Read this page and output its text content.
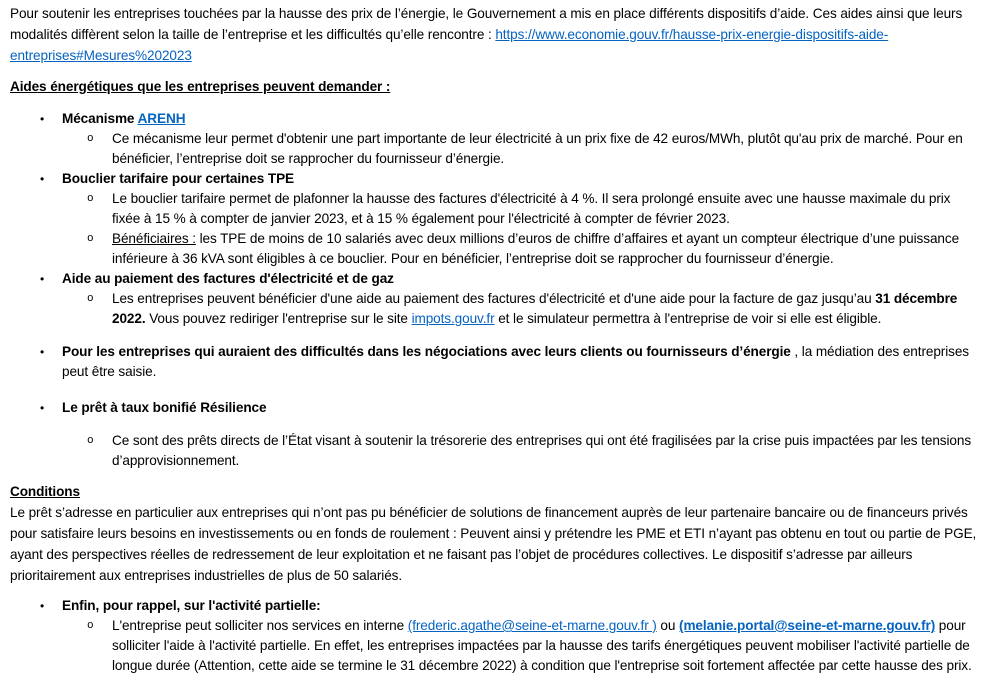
Pour soutenir les entreprises touchées par la hausse des prix de l’énergie, le Gouvernement a mis en place différents dispositifs d’aide. Ces aides ainsi que leurs modalités diffèrent selon la taille de l’entreprise et les difficultés qu’elle rencontre : https://www.economie.gouv.fr/hausse-prix-energie-dispositifs-aide-entreprises#Mesures%202023

Aides énergétiques que les entreprises peuvent demander :

•	Mécanisme ARENH
o	Ce mécanisme leur permet d'obtenir une part importante de leur électricité à un prix fixe de 42 euros/MWh, plutôt qu'au prix de marché. Pour en bénéficier, l’entreprise doit se rapprocher du fournisseur d’énergie.
•	Bouclier tarifaire pour certaines TPE
o	Le bouclier tarifaire permet de plafonner la hausse des factures d'électricité à 4 %. Il sera prolongé ensuite avec une hausse maximale du prix fixée à 15 % à compter de janvier 2023, et à 15 % également pour l'électricité à compter de février 2023.
o	Bénéficiaires : les TPE de moins de 10 salariés avec deux millions d’euros de chiffre d’affaires et ayant un compteur électrique d’une puissance inférieure à 36 kVA sont éligibles à ce bouclier. Pour en bénéficier, l’entreprise doit se rapprocher du fournisseur d’énergie.
•	Aide au paiement des factures d'électricité et de gaz
o	Les entreprises peuvent bénéficier d'une aide au paiement des factures d'électricité et d'une aide pour la facture de gaz jusqu’au 31 décembre 2022. Vous pouvez rediriger l'entreprise sur le site impots.gouv.fr et le simulateur permettra à l'entreprise de voir si elle est éligible.
•	Pour les entreprises qui auraient des difficultés dans les négociations avec leurs clients ou fournisseurs d’énergie , la médiation des entreprises peut être saisie.
•	Le prêt à taux bonifié Résilience
o	Ce sont des prêts directs de l’État visant à soutenir la trésorerie des entreprises qui ont été fragilisées par la crise puis impactées par les tensions d’approvisionnement.

Conditions

Le prêt s’adresse en particulier aux entreprises qui n’ont pas pu bénéficier de solutions de financement auprès de leur partenaire bancaire ou de financeurs privés pour satisfaire leurs besoins en investissements ou en fonds de roulement : Peuvent ainsi y prétendre les PME et ETI n’ayant pas obtenu en tout ou partie de PGE, ayant des perspectives réelles de redressement de leur exploitation et ne faisant pas l’objet de procédures collectives. Le dispositif s’adresse par ailleurs prioritairement aux entreprises industrielles de plus de 50 salariés.

•	Enfin, pour rappel, sur l'activité partielle:
o	L'entreprise peut solliciter nos services en interne (frederic.agathe@seine-et-marne.gouv.fr ) ou (melanie.portal@seine-et-marne.gouv.fr) pour solliciter l'aide à l'activité partielle. En effet, les entreprises impactées par la hausse des tarifs énergétiques peuvent mobiliser l'activité partielle de longue durée (Attention, cette aide se termine le 31 décembre 2022) à condition que l'entreprise soit fortement affectée par cette hausse des prix.
